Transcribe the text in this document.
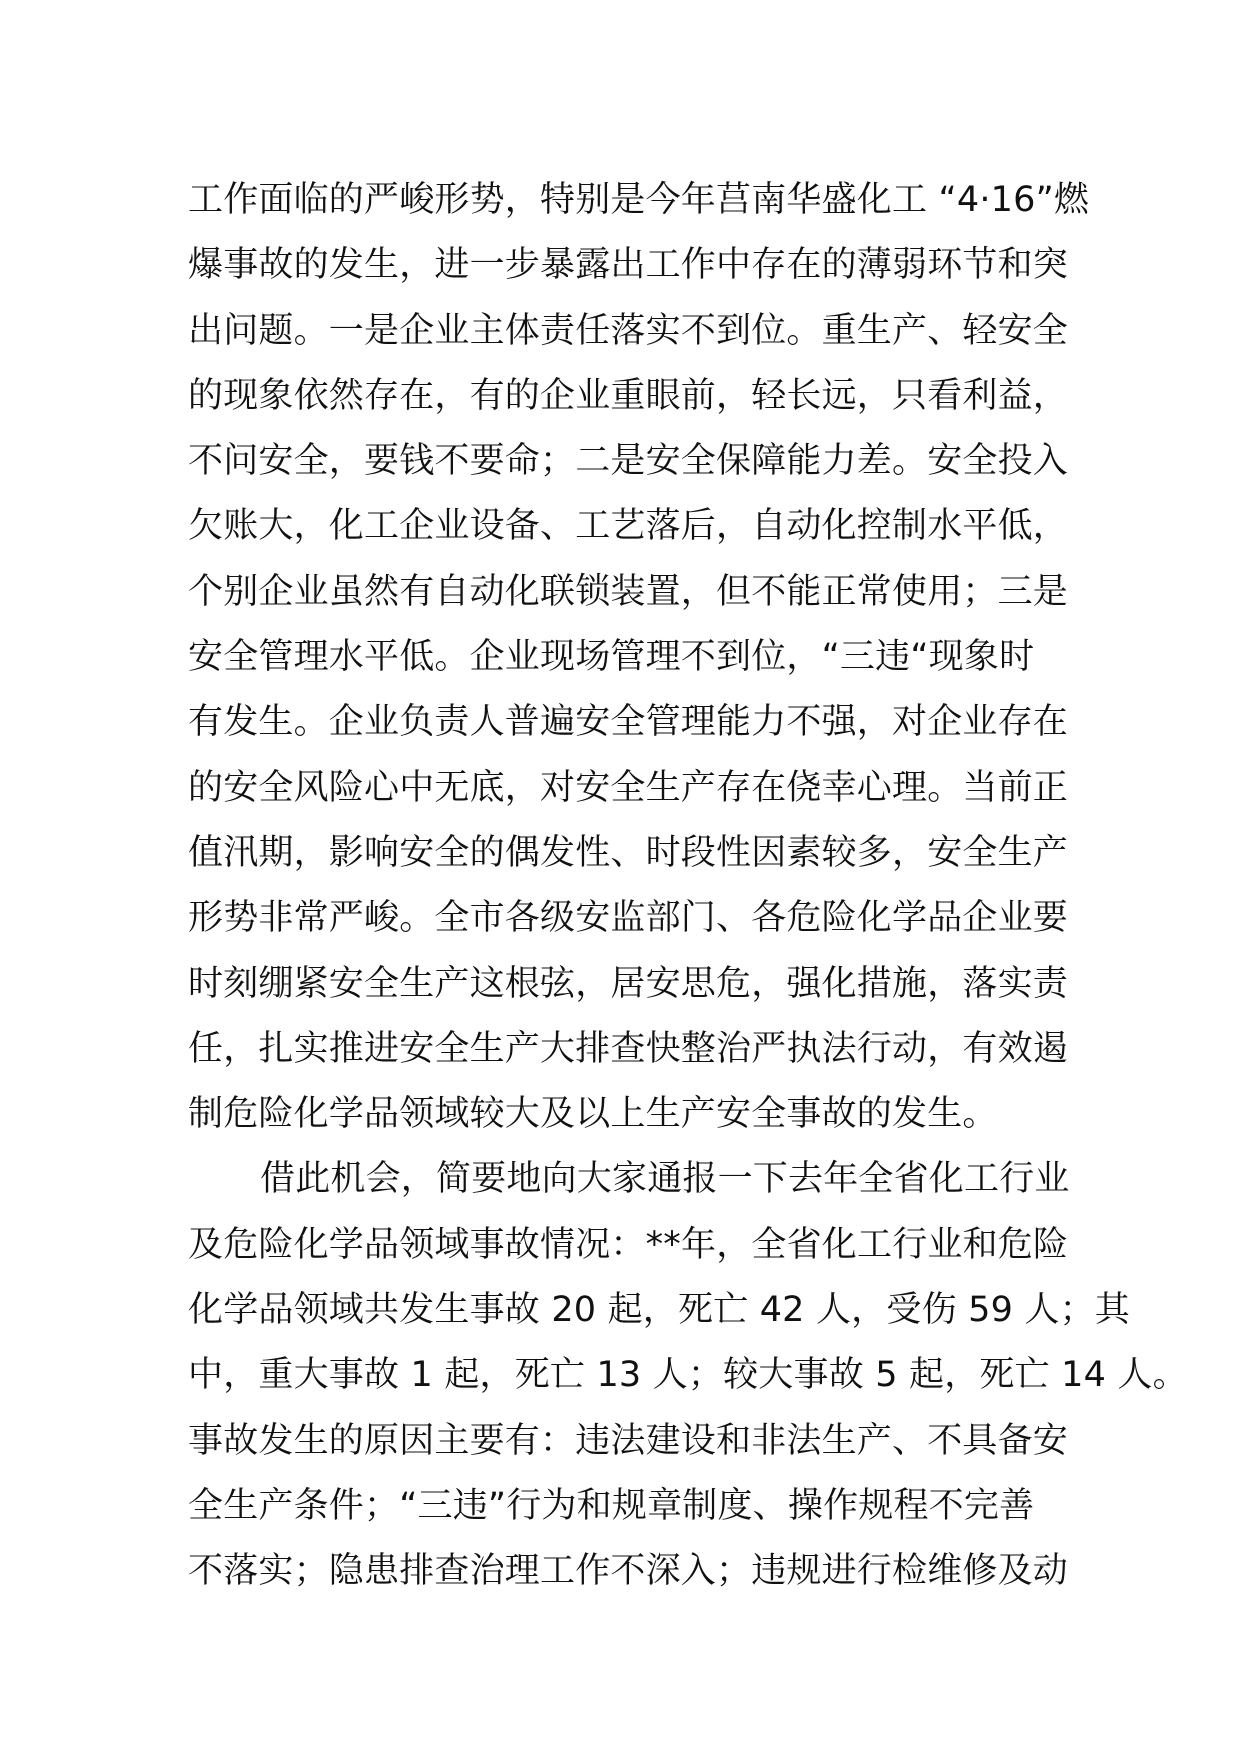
工作面临的严峻形势，特别是今年莒南华盛化工 “4·16”燃
爆事故的发生，进一步暴露出工作中存在的薄弱环节和突
出问题。一是企业主体责任落实不到位。重生产、轻安全
的现象依然存在，有的企业重眼前，轻长远，只看利益，
不问安全，要钱不要命；二是安全保障能力差。安全投入
欠账大，化工企业设备、工艺落后，自动化控制水平低，
个别企业虽然有自动化联锁装置，但不能正常使用；三是
安全管理水平低。企业现场管理不到位，“三违“现象时
有发生。企业负责人普遍安全管理能力不强，对企业存在
的安全风险心中无底，对安全生产存在侥幸心理。当前正
值汛期，影响安全的偶发性、时段性因素较多，安全生产
形势非常严峻。全市各级安监部门、各危险化学品企业要
时刻绷紧安全生产这根弦，居安思危，强化措施，落实责
任，扎实推进安全生产大排查快整治严执法行动，有效遏
制危险化学品领域较大及以上生产安全事故的发生。
借此机会，简要地向大家通报一下去年全省化工行业
及危险化学品领域事故情况：**年，全省化工行业和危险
化学品领域共发生事故 20 起，死亡 42 人，受伤 59 人；其
中，重大事故 1 起，死亡 13 人；较大事故 5 起，死亡 14 人。
事故发生的原因主要有：违法建设和非法生产、不具备安
全生产条件；“三违”行为和规章制度、操作规程不完善
不落实；隐患排查治理工作不深入；违规进行检维修及动
